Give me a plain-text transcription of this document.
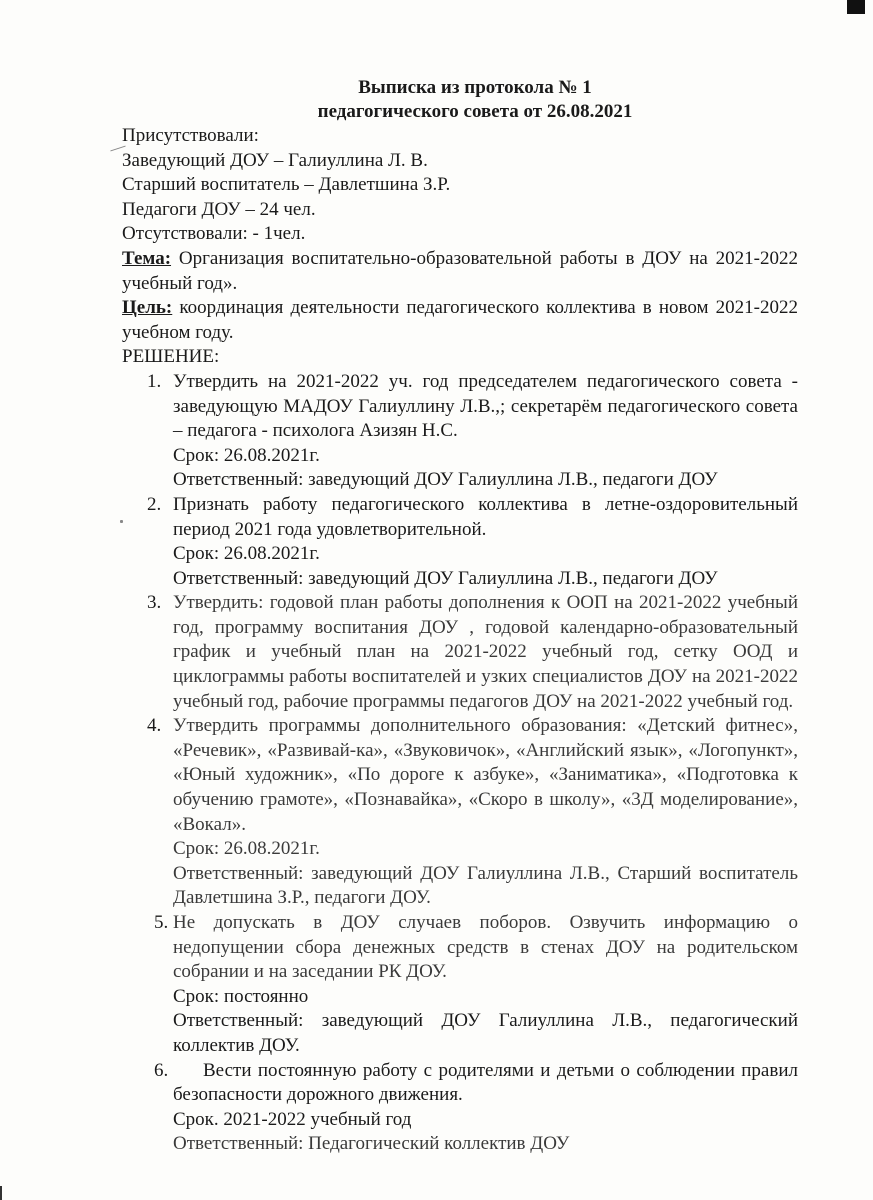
Выписка из протокола № 1
педагогического совета от 26.08.2021

Присутствовали:

Заведующий ДОУ – Галиуллина Л. В.

Старший воспитатель – Давлетшина З.Р.

Педагоги ДОУ – 24 чел.

Отсутствовали: - 1чел.

Тема: Организация воспитательно-образовательной работы в ДОУ на 2021-2022 учебный год».

Цель: координация деятельности педагогического коллектива в новом 2021-2022 учебном году.

РЕШЕНИЕ:

1. Утвердить на 2021-2022 уч. год председателем педагогического совета - заведующую МАДОУ Галиуллину Л.В.,; секретарём педагогического совета – педагога - психолога Азизян Н.С.
Срок: 26.08.2021г.
Ответственный: заведующий ДОУ Галиуллина Л.В., педагоги ДОУ
2. Признать работу педагогического коллектива в летне-оздоровительный период 2021 года удовлетворительной.
Срок: 26.08.2021г.
Ответственный: заведующий ДОУ Галиуллина Л.В., педагоги ДОУ
3. Утвердить: годовой план работы дополнения к ООП на 2021-2022 учебный год, программу воспитания ДОУ , годовой календарно-образовательный график и учебный план на 2021-2022 учебный год, сетку ООД и циклограммы работы воспитателей и узких специалистов ДОУ на 2021-2022 учебный год, рабочие программы педагогов ДОУ на 2021-2022 учебный год.
4. Утвердить программы дополнительного образования: «Детский фитнес», «Речевик», «Развивай-ка», «Звуковичок», «Английский язык», «Логопункт», «Юный художник», «По дороге к азбуке», «Заниматика», «Подготовка к обучению грамоте», «Познавайка», «Скоро в школу», «3Д моделирование», «Вокал».
Срок: 26.08.2021г.
Ответственный: заведующий ДОУ Галиуллина Л.В., Старший воспитатель Давлетшина З.Р., педагоги ДОУ.
5. Не допускать в ДОУ случаев поборов. Озвучить информацию о недопущении сбора денежных средств в стенах ДОУ на родительском собрании и на заседании РК ДОУ.
Срок: постоянно
Ответственный: заведующий ДОУ Галиуллина Л.В., педагогический коллектив ДОУ.
6.	Вести постоянную работу с родителями и детьми о соблюдении правил безопасности дорожного движения.
Срок. 2021-2022 учебный год
Ответственный: Педагогический коллектив ДОУ
